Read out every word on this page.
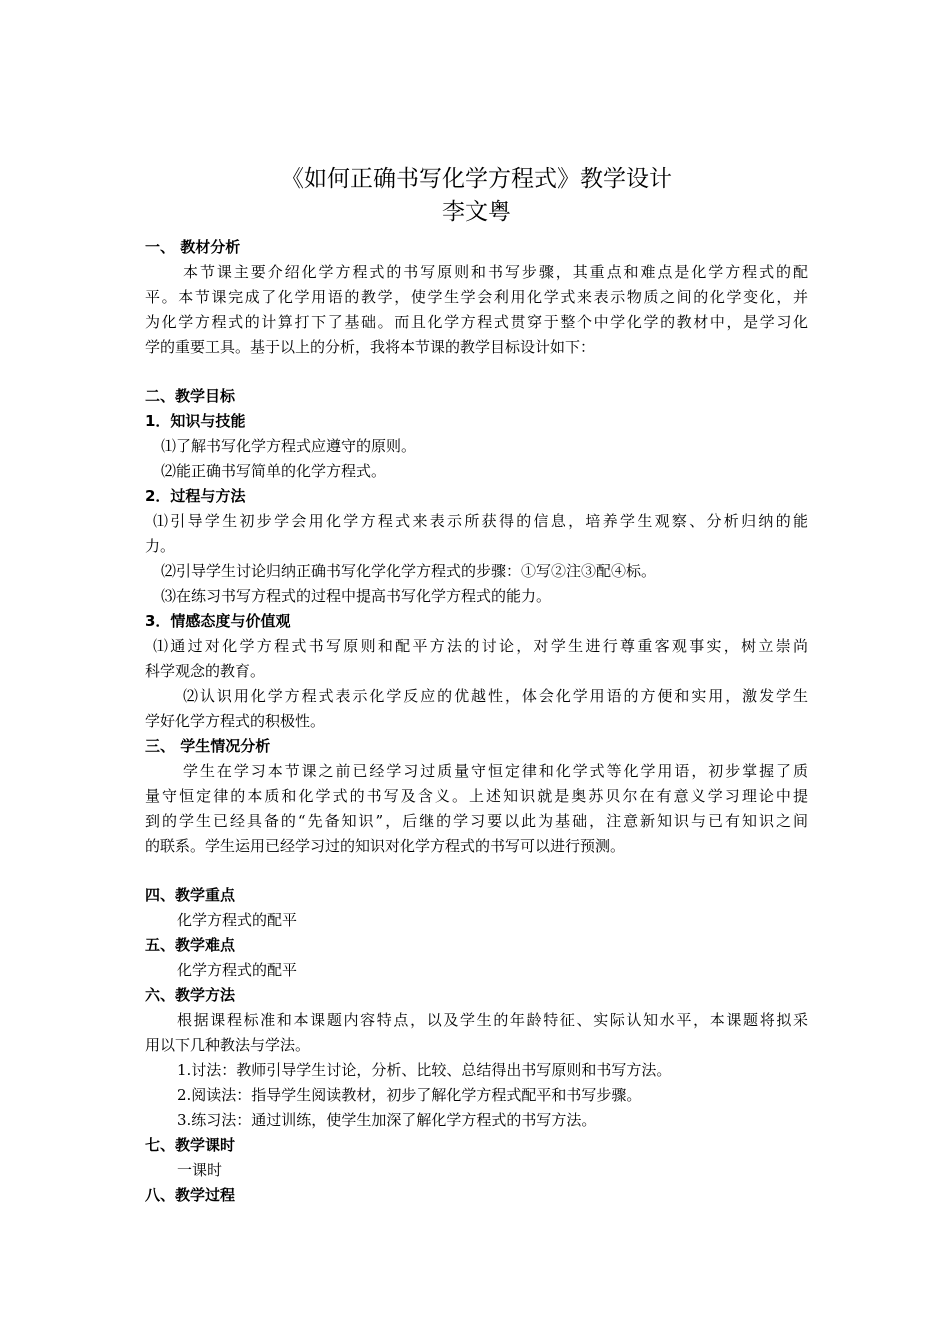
《如何正确书写化学方程式》教学设计
李文粤
一、 教材分析
本节课主要介绍化学方程式的书写原则和书写步骤，其重点和难点是化学方程式的配
平。本节课完成了化学用语的教学，使学生学会利用化学式来表示物质之间的化学变化，并
为化学方程式的计算打下了基础。而且化学方程式贯穿于整个中学化学的教材中，是学习化
学的重要工具。基于以上的分析，我将本节课的教学目标设计如下：
二、教学目标
1．知识与技能
⑴了解书写化学方程式应遵守的原则。
⑵能正确书写简单的化学方程式。
2．过程与方法
⑴引导学生初步学会用化学方程式来表示所获得的信息，培养学生观察、分析归纳的能
力。
⑵引导学生讨论归纳正确书写化学化学方程式的步骤：①写②注③配④标。
⑶在练习书写方程式的过程中提高书写化学方程式的能力。
3．情感态度与价值观
⑴通过对化学方程式书写原则和配平方法的讨论，对学生进行尊重客观事实，树立崇尚
科学观念的教育。
⑵认识用化学方程式表示化学反应的优越性，体会化学用语的方便和实用，激发学生
学好化学方程式的积极性。
三、 学生情况分析
学生在学习本节课之前已经学习过质量守恒定律和化学式等化学用语，初步掌握了质
量守恒定律的本质和化学式的书写及含义。上述知识就是奥苏贝尔在有意义学习理论中提
到的学生已经具备的“先备知识”，后继的学习要以此为基础，注意新知识与已有知识之间
的联系。学生运用已经学习过的知识对化学方程式的书写可以进行预测。
四、教学重点
化学方程式的配平
五、教学难点
化学方程式的配平
六、教学方法
根据课程标准和本课题内容特点，以及学生的年龄特征、实际认知水平，本课题将拟采
用以下几种教法与学法。
1.讨法：教师引导学生讨论，分析、比较、总结得出书写原则和书写方法。
2.阅读法：指导学生阅读教材，初步了解化学方程式配平和书写步骤。
3.练习法：通过训练，使学生加深了解化学方程式的书写方法。
七、教学课时
一课时
八、教学过程
